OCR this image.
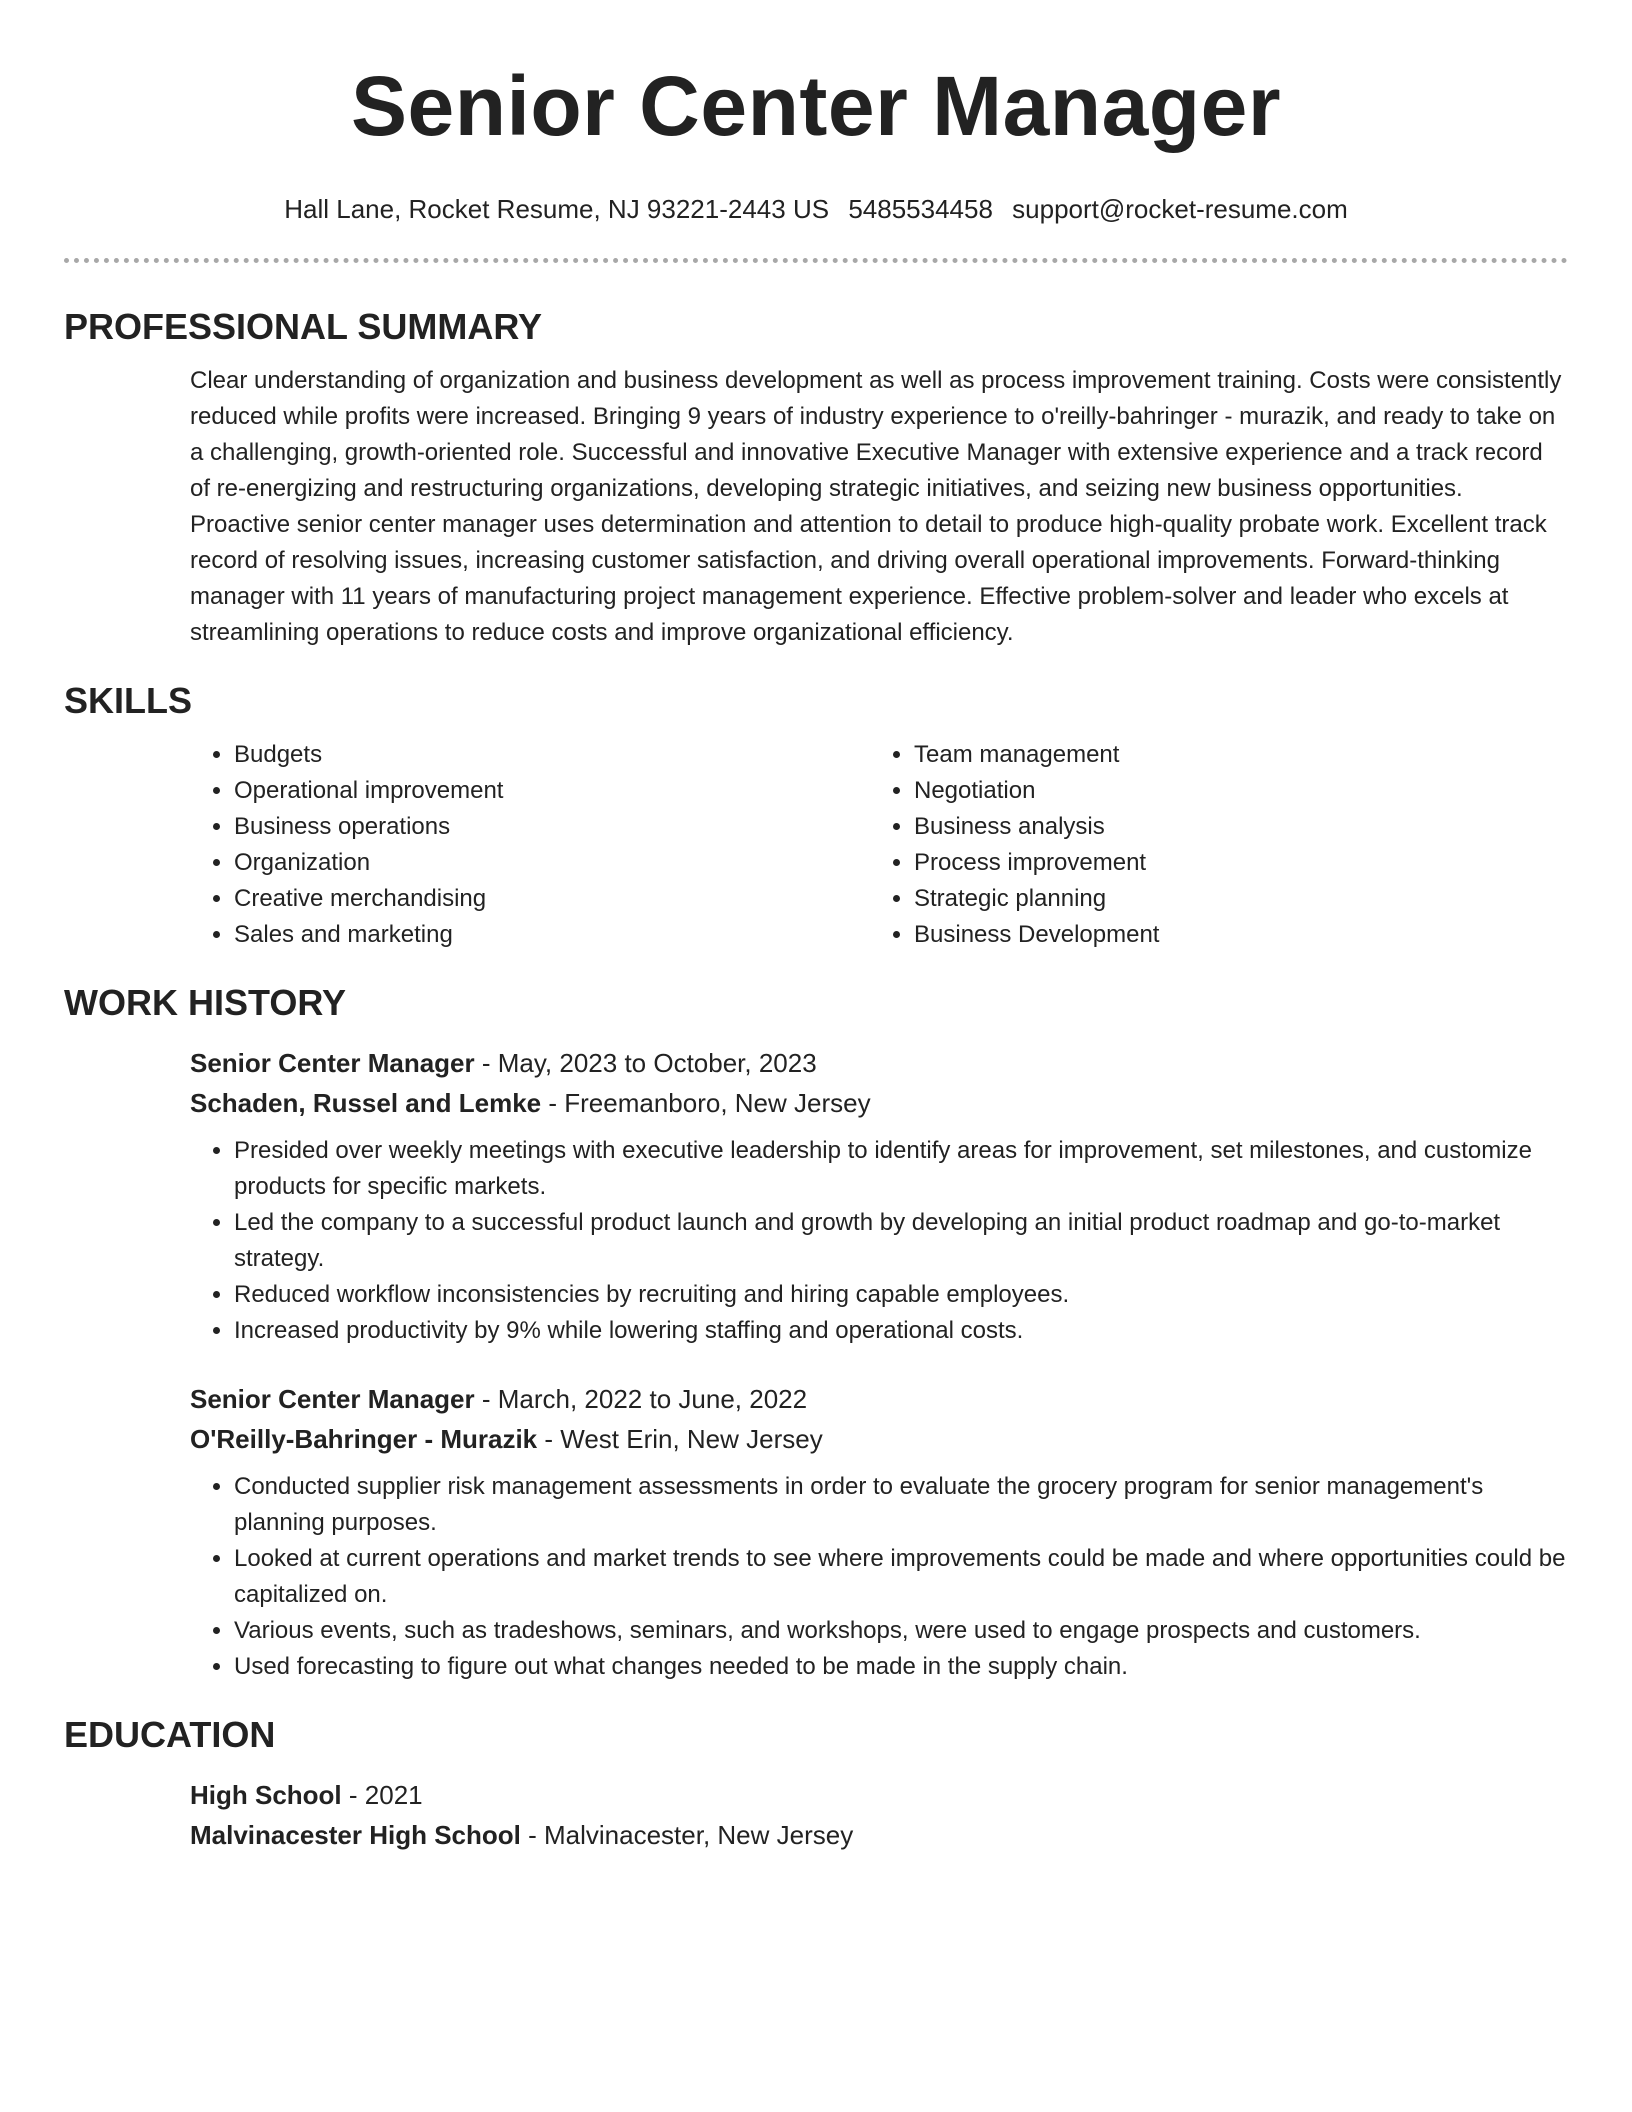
Senior Center Manager
Hall Lane, Rocket Resume, NJ 93221-2443 US 5485534458 support@rocket-resume.com
PROFESSIONAL SUMMARY

Clear understanding of organization and business development as well as process improvement training. Costs were consistently reduced while profits were increased. Bringing 9 years of industry experience to o'reilly-bahringer - murazik, and ready to take on a challenging, growth-oriented role. Successful and innovative Executive Manager with extensive experience and a track record of re-energizing and restructuring organizations, developing strategic initiatives, and seizing new business opportunities. Proactive senior center manager uses determination and attention to detail to produce high-quality probate work. Excellent track record of resolving issues, increasing customer satisfaction, and driving overall operational improvements. Forward-thinking manager with 11 years of manufacturing project management experience. Effective problem-solver and leader who excels at streamlining operations to reduce costs and improve organizational efficiency.

SKILLS
• Budgets
• Operational improvement
• Business operations
• Organization
• Creative merchandising
• Sales and marketing
• Team management
• Negotiation
• Business analysis
• Process improvement
• Strategic planning
• Business Development
WORK HISTORY

Senior Center Manager - May, 2023 to October, 2023

Schaden, Russel and Lemke - Freemanboro, New Jersey

• Presided over weekly meetings with executive leadership to identify areas for improvement, set milestones, and customize products for specific markets.
• Led the company to a successful product launch and growth by developing an initial product roadmap and go-to-market strategy.
• Reduced workflow inconsistencies by recruiting and hiring capable employees.
• Increased productivity by 9% while lowering staffing and operational costs.

Senior Center Manager - March, 2022 to June, 2022

O'Reilly-Bahringer - Murazik - West Erin, New Jersey

• Conducted supplier risk management assessments in order to evaluate the grocery program for senior management's planning purposes.
• Looked at current operations and market trends to see where improvements could be made and where opportunities could be capitalized on.
• Various events, such as tradeshows, seminars, and workshops, were used to engage prospects and customers.
• Used forecasting to figure out what changes needed to be made in the supply chain.
EDUCATION

High School - 2021

Malvinacester High School - Malvinacester, New Jersey
